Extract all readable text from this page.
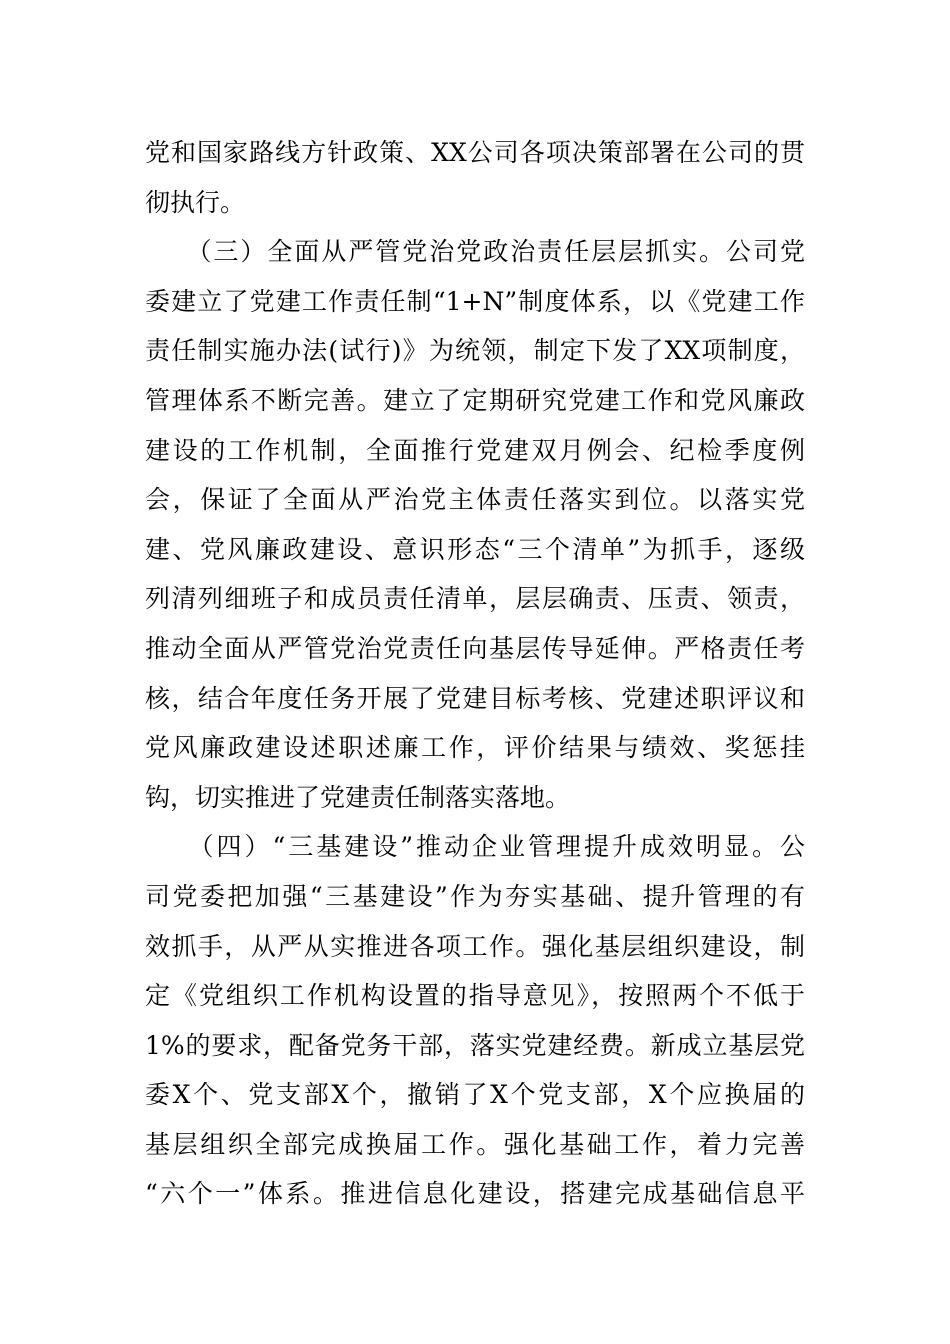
党和国家路线方针政策、XX公司各项决策部署在公司的贯
彻执行。
　　（三）全面从严管党治党政治责任层层抓实。公司党
委建立了党建工作责任制“1+N”制度体系，以《党建工作
责任制实施办法(试行)》为统领，制定下发了XX项制度，
管理体系不断完善。建立了定期研究党建工作和党风廉政
建设的工作机制，全面推行党建双月例会、纪检季度例
会，保证了全面从严治党主体责任落实到位。以落实党
建、党风廉政建设、意识形态“三个清单”为抓手，逐级
列清列细班子和成员责任清单，层层确责、压责、领责，
推动全面从严管党治党责任向基层传导延伸。严格责任考
核，结合年度任务开展了党建目标考核、党建述职评议和
党风廉政建设述职述廉工作，评价结果与绩效、奖惩挂
钩，切实推进了党建责任制落实落地。
　　（四）“三基建设”推动企业管理提升成效明显。公
司党委把加强“三基建设”作为夯实基础、提升管理的有
效抓手，从严从实推进各项工作。强化基层组织建设，制
定《党组织工作机构设置的指导意见》，按照两个不低于
1%的要求，配备党务干部，落实党建经费。新成立基层党
委X个、党支部X个，撤销了X个党支部，X个应换届的
基层组织全部完成换届工作。强化基础工作，着力完善
“六个一”体系。推进信息化建设，搭建完成基础信息平
